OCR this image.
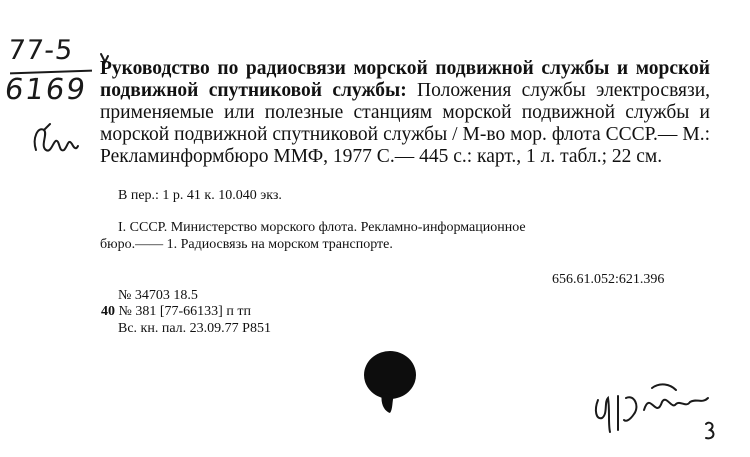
77-5
6169
Руководство по радиосвязи морской подвижной службы и морской подвижной спутниковой службы: Положения службы электросвязи, применяемые или полезные станциям морской подвижной службы и морской подвижной спутниковой службы / М-во мор. флота СССР.— М.: Рекламинформбюро ММФ, 1977 С.— 445 с.: карт., 1 л. табл.; 22 см.
В пер.: 1 р. 41 к. 10.040 экз.
I. СССР. Министерство морского флота. Рекламно-информационное
бюро.—— 1. Радиосвязь на морском транспорте.
656.61.052:621.396
№ 34703 18.5
40 № 381 [77-66133] п тп
Вс. кн. пал. 23.09.77 Р851
